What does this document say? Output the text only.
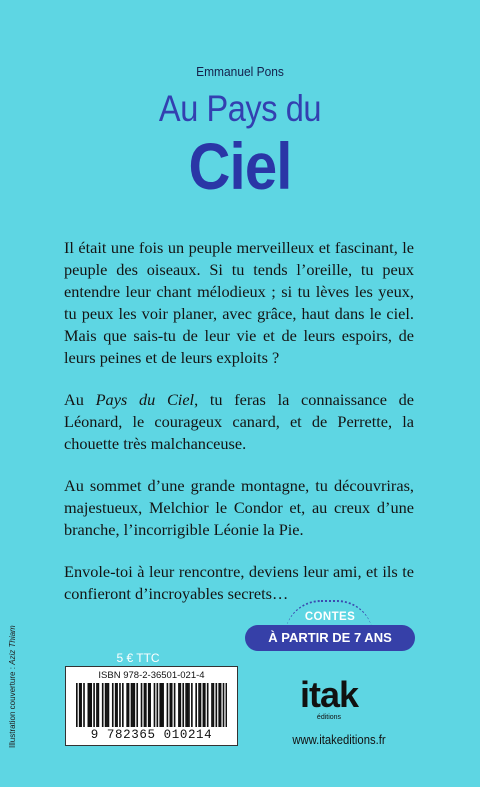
Emmanuel Pons
Au Pays du
Ciel

Il était une fois un peuple merveilleux et fascinant, le peuple des oiseaux. Si tu tends l’oreille, tu peux entendre leur chant mélodieux ; si tu lèves les yeux, tu peux les voir planer, avec grâce, haut dans le ciel. Mais que sais-tu de leur vie et de leurs espoirs, de leurs peines et de leurs exploits ?

Au Pays du Ciel, tu feras la connaissance de Léonard, le courageux canard, et de Perrette, la chouette très malchanceuse.

Au sommet d’une grande montagne, tu découvriras, majestueux, Melchior le Condor et, au creux d’une branche, l’incorrigible Léonie la Pie.

Envole-toi à leur rencontre, deviens leur ami, et ils te confieront d’incroyables secrets…

CONTES
À PARTIR DE 7 ANS
Illustration couverture : Aziz Thiam	5 € TTC
ISBN 978-2-36501-021-4
9 782365 010214
itak
éditions
www.itakeditions.fr
